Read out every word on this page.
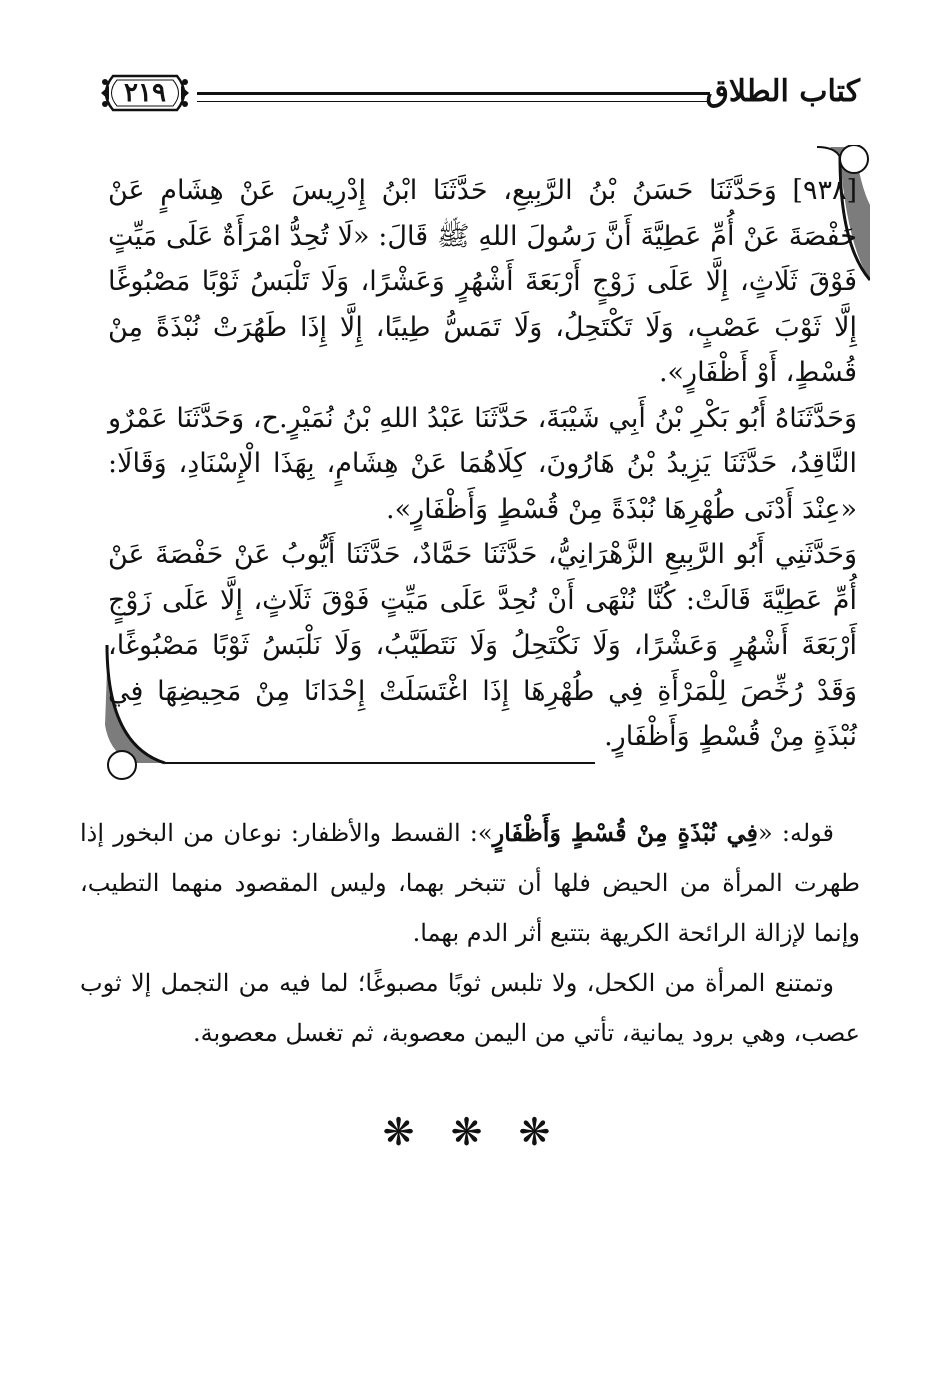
كتاب الطلاق
٢١٩

[٩٣٨] وَحَدَّثَنَا حَسَنُ بْنُ الرَّبِيعِ، حَدَّثَنَا ابْنُ إِدْرِيسَ عَنْ هِشَامٍ عَنْ حَفْصَةَ عَنْ أُمِّ عَطِيَّةَ أَنَّ رَسُولَ اللهِ ﷺ قَالَ: «لَا تُحِدُّ امْرَأَةٌ عَلَى مَيِّتٍ فَوْقَ ثَلَاثٍ، إِلَّا عَلَى زَوْجٍ أَرْبَعَةَ أَشْهُرٍ وَعَشْرًا، وَلَا تَلْبَسُ ثَوْبًا مَصْبُوغًا إِلَّا ثَوْبَ عَصْبٍ، وَلَا تَكْتَحِلُ، وَلَا تَمَسُّ طِيبًا، إِلَّا إِذَا طَهُرَتْ نُبْذَةً مِنْ قُسْطٍ، أَوْ أَظْفَارٍ».

وَحَدَّثَنَاهُ أَبُو بَكْرِ بْنُ أَبِي شَيْبَةَ، حَدَّثَنَا عَبْدُ اللهِ بْنُ نُمَيْرٍ.ح، وَحَدَّثَنَا عَمْرٌو النَّاقِدُ، حَدَّثَنَا يَزِيدُ بْنُ هَارُونَ، كِلَاهُمَا عَنْ هِشَامٍ، بِهَذَا الْإِسْنَادِ، وَقَالَا: «عِنْدَ أَدْنَى طُهْرِهَا نُبْذَةً مِنْ قُسْطٍ وَأَظْفَارٍ».

وَحَدَّثَنِي أَبُو الرَّبِيعِ الزَّهْرَانِيُّ، حَدَّثَنَا حَمَّادٌ، حَدَّثَنَا أَيُّوبُ عَنْ حَفْصَةَ عَنْ أُمِّ عَطِيَّةَ قَالَتْ: كُنَّا نُنْهَى أَنْ نُحِدَّ عَلَى مَيِّتٍ فَوْقَ ثَلَاثٍ، إِلَّا عَلَى زَوْجٍ أَرْبَعَةَ أَشْهُرٍ وَعَشْرًا، وَلَا نَكْتَحِلُ وَلَا نَتَطَيَّبُ، وَلَا نَلْبَسُ ثَوْبًا مَصْبُوغًا، وَقَدْ رُخِّصَ لِلْمَرْأَةِ فِي طُهْرِهَا إِذَا اغْتَسَلَتْ إِحْدَانَا مِنْ مَحِيضِهَا فِي نُبْذَةٍ مِنْ قُسْطٍ وَأَظْفَارٍ.

قوله: «فِي نُبْذَةٍ مِنْ قُسْطٍ وَأَظْفَارٍ»: القسط والأظفار: نوعان من البخور إذا طهرت المرأة من الحيض فلها أن تتبخر بهما، وليس المقصود منهما التطيب، وإنما لإزالة الرائحة الكريهة بتتبع أثر الدم بهما.

وتمتنع المرأة من الكحل، ولا تلبس ثوبًا مصبوغًا؛ لما فيه من التجمل إلا ثوب عصب، وهي برود يمانية، تأتي من اليمن معصوبة، ثم تغسل معصوبة.

❋ ❋ ❋
